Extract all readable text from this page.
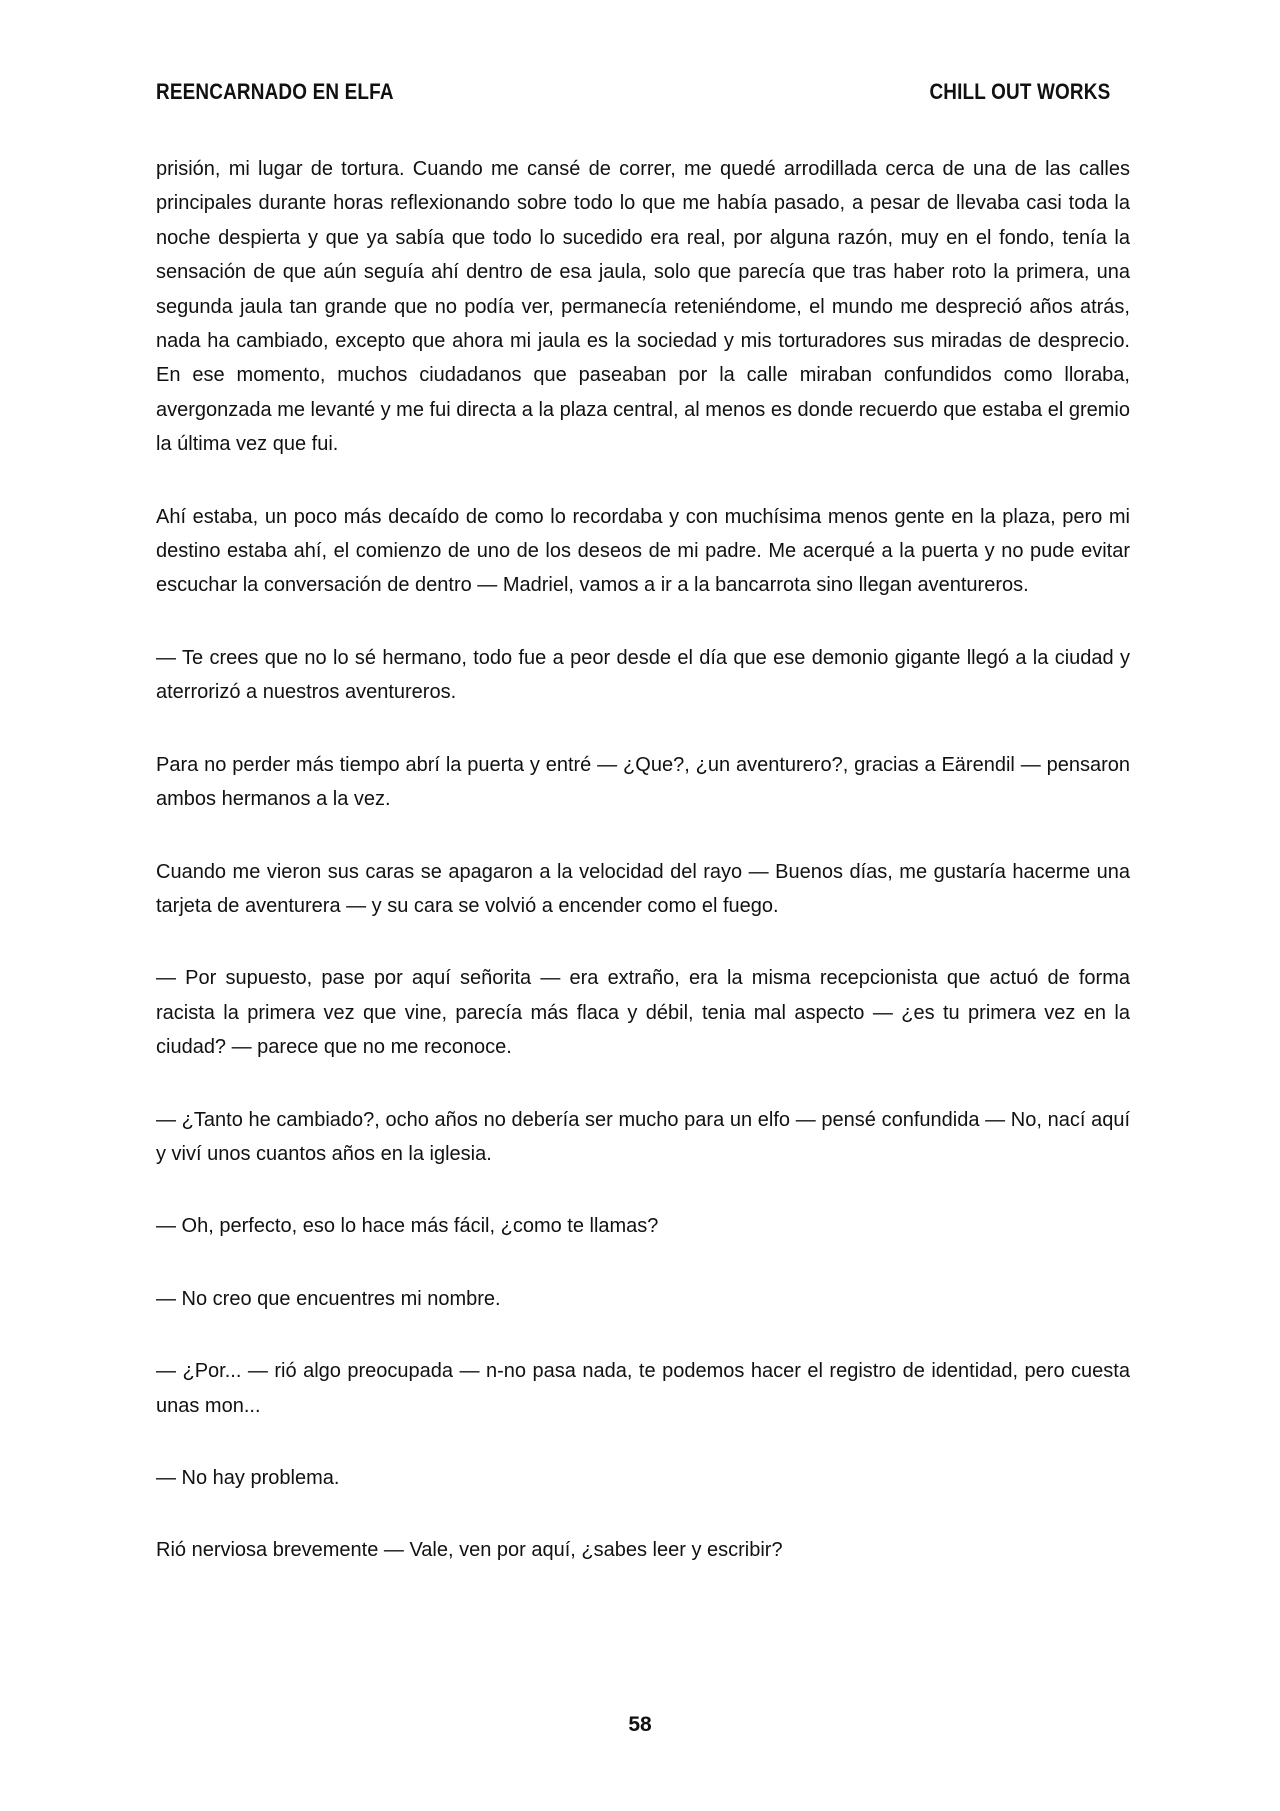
REENCARNADO EN ELFA	CHILL OUT WORKS

prisión, mi lugar de tortura. Cuando me cansé de correr, me quedé arrodillada cerca de una de las calles principales durante horas reflexionando sobre todo lo que me había pasado, a pesar de llevaba casi toda la noche despierta y que ya sabía que todo lo sucedido era real, por alguna razón, muy en el fondo, tenía la sensación de que aún seguía ahí dentro de esa jaula, solo que parecía que tras haber roto la primera, una segunda jaula tan grande que no podía ver, permanecía reteniéndome, el mundo me despreció años atrás, nada ha cambiado, excepto que ahora mi jaula es la sociedad y mis torturadores sus miradas de desprecio. En ese momento, muchos ciudadanos que paseaban por la calle miraban confundidos como lloraba, avergonzada me levanté y me fui directa a la plaza central, al menos es donde recuerdo que estaba el gremio la última vez que fui.

Ahí estaba, un poco más decaído de como lo recordaba y con muchísima menos gente en la plaza, pero mi destino estaba ahí, el comienzo de uno de los deseos de mi padre. Me acerqué a la puerta y no pude evitar escuchar la conversación de dentro — Madriel, vamos a ir a la bancarrota sino llegan aventureros.

— Te crees que no lo sé hermano, todo fue a peor desde el día que ese demonio gigante llegó a la ciudad y aterrorizó a nuestros aventureros.

Para no perder más tiempo abrí la puerta y entré — ¿Que?, ¿un aventurero?, gracias a Eärendil — pensaron ambos hermanos a la vez.

Cuando me vieron sus caras se apagaron a la velocidad del rayo — Buenos días, me gustaría hacerme una tarjeta de aventurera — y su cara se volvió a encender como el fuego.

— Por supuesto, pase por aquí señorita — era extraño, era la misma recepcionista que actuó de forma racista la primera vez que vine, parecía más flaca y débil, tenia mal aspecto — ¿es tu primera vez en la ciudad? — parece que no me reconoce.

— ¿Tanto he cambiado?, ocho años no debería ser mucho para un elfo — pensé confundida — No, nací aquí y viví unos cuantos años en la iglesia.

— Oh, perfecto, eso lo hace más fácil, ¿como te llamas?

— No creo que encuentres mi nombre.

— ¿Por... — rió algo preocupada — n-no pasa nada, te podemos hacer el registro de identidad, pero cuesta unas mon...

— No hay problema.

Rió nerviosa brevemente — Vale, ven por aquí, ¿sabes leer y escribir?

58
